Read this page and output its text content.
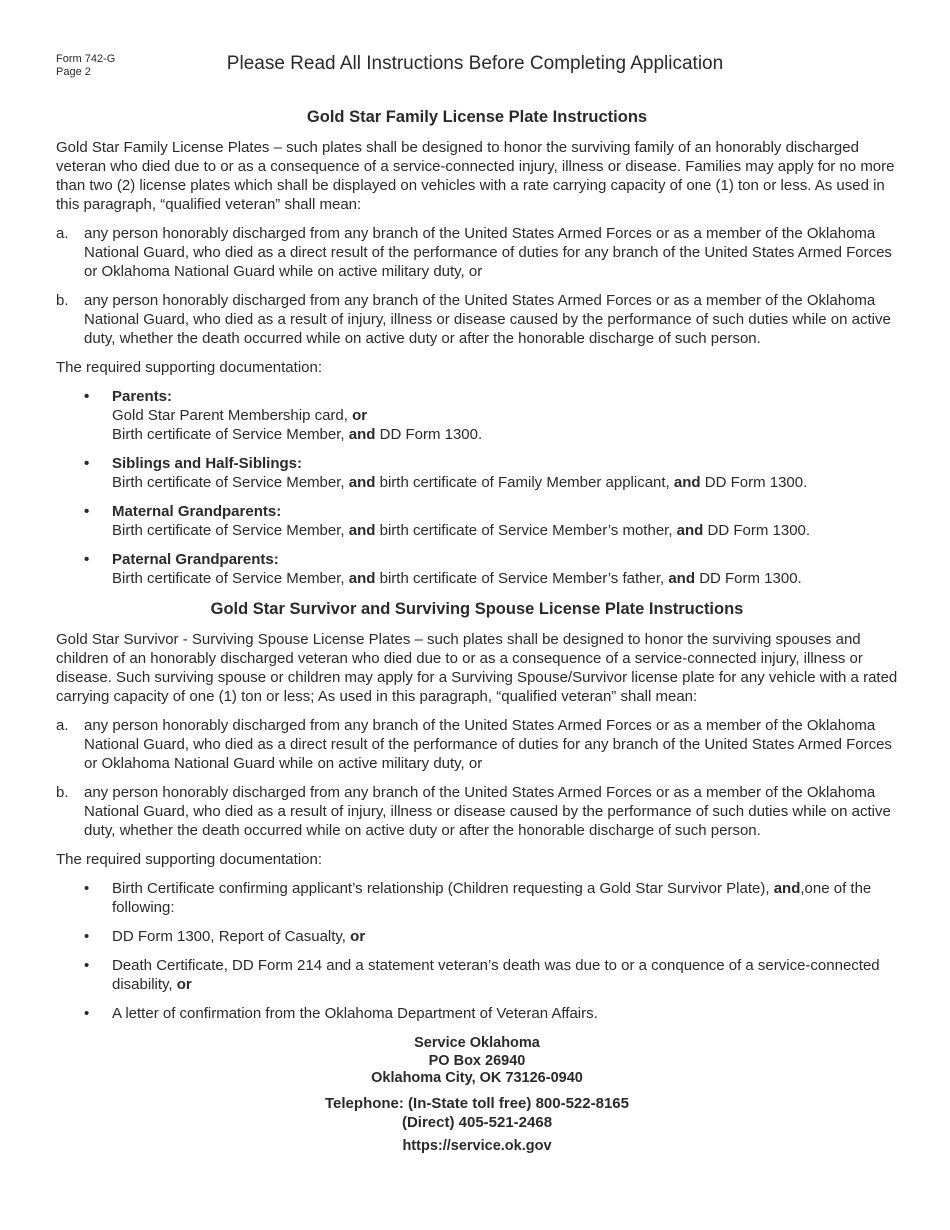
Form 742-G
Page 2	Please Read All Instructions Before Completing Application
Gold Star Family License Plate Instructions

Gold Star Family License Plates – such plates shall be designed to honor the surviving family of an honorably discharged veteran who died due to or as a consequence of a service-connected injury, illness or disease. Families may apply for no more than two (2) license plates which shall be displayed on vehicles with a rate carrying capacity of one (1) ton or less. As used in this paragraph, “qualified veteran” shall mean:

a. any person honorably discharged from any branch of the United States Armed Forces or as a member of the Oklahoma National Guard, who died as a direct result of the performance of duties for any branch of the United States Armed Forces or Oklahoma National Guard while on active military duty, or
b. any person honorably discharged from any branch of the United States Armed Forces or as a member of the Oklahoma National Guard, who died as a result of injury, illness or disease caused by the performance of such duties while on active duty, whether the death occurred while on active duty or after the honorable discharge of such person.

The required supporting documentation:

• Parents:
Gold Star Parent Membership card, or
Birth certificate of Service Member, and DD Form 1300.
• Siblings and Half-Siblings:
Birth certificate of Service Member, and birth certificate of Family Member applicant, and DD Form 1300.
• Maternal Grandparents:
Birth certificate of Service Member, and birth certificate of Service Member’s mother, and DD Form 1300.
• Paternal Grandparents:
Birth certificate of Service Member, and birth certificate of Service Member’s father, and DD Form 1300.
Gold Star Survivor and Surviving Spouse License Plate Instructions

Gold Star Survivor - Surviving Spouse License Plates – such plates shall be designed to honor the surviving spouses and children of an honorably discharged veteran who died due to or as a consequence of a service-connected injury, illness or disease. Such surviving spouse or children may apply for a Surviving Spouse/Survivor license plate for any vehicle with a rated carrying capacity of one (1) ton or less; As used in this paragraph, “qualified veteran” shall mean:

a. any person honorably discharged from any branch of the United States Armed Forces or as a member of the Oklahoma National Guard, who died as a direct result of the performance of duties for any branch of the United States Armed Forces or Oklahoma National Guard while on active military duty, or
b. any person honorably discharged from any branch of the United States Armed Forces or as a member of the Oklahoma National Guard, who died as a result of injury, illness or disease caused by the performance of such duties while on active duty, whether the death occurred while on active duty or after the honorable discharge of such person.

The required supporting documentation:

• Birth Certificate confirming applicant’s relationship (Children requesting a Gold Star Survivor Plate), and,one of the following:
• DD Form 1300, Report of Casualty, or
• Death Certificate, DD Form 214 and a statement veteran’s death was due to or a conquence of a service-connected disability, or
• A letter of confirmation from the Oklahoma Department of Veteran Affairs.
Service Oklahoma
PO Box 26940
Oklahoma City, OK 73126-0940
Telephone: (In-State toll free) 800-522-8165
(Direct) 405-521-2468
https://service.ok.gov
